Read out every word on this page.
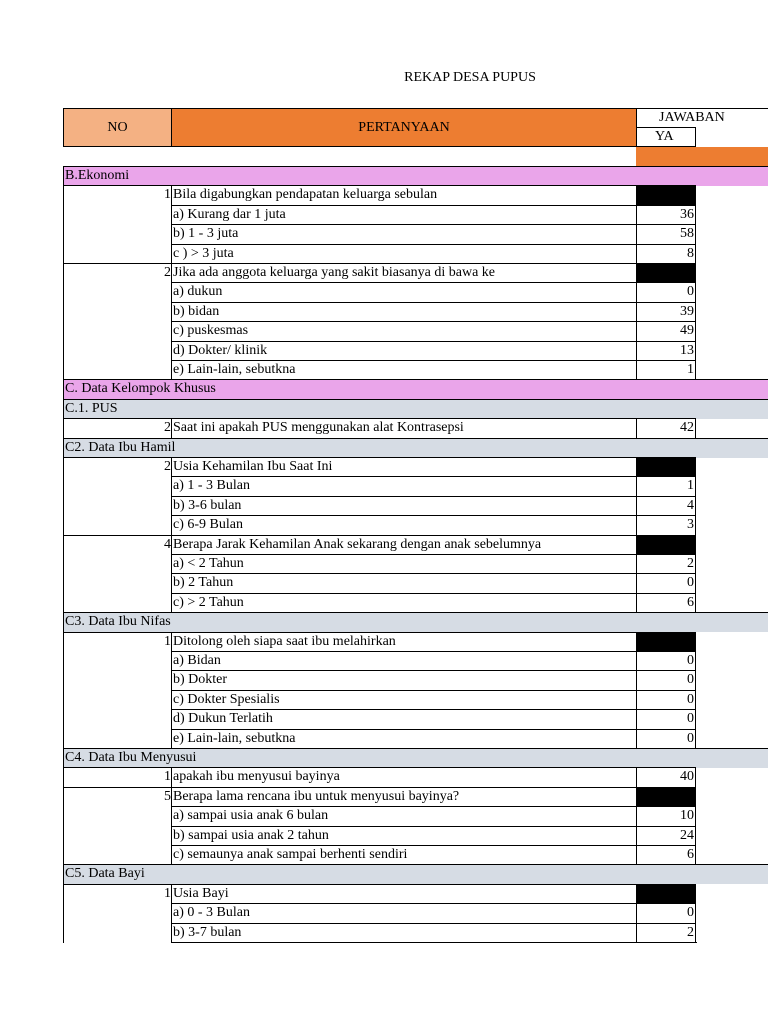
REKAP DESA PUPUS
NO	PERTANYAAN
JAWABAN
YA
B.Ekonomi
1 Bila digabungkan pendapatan keluarga sebulan
a) Kurang dar 1 juta	36
b) 1 - 3 juta	58
c ) > 3 juta	8
2 Jika ada anggota keluarga yang sakit biasanya di bawa ke
a) dukun	0
b) bidan	39
c) puskesmas	49
d) Dokter/ klinik	13
e) Lain-lain, sebutkna	1
C. Data Kelompok Khusus
C.1. PUS
2 Saat ini apakah PUS menggunakan alat Kontrasepsi	42
C2. Data Ibu Hamil
2 Usia Kehamilan Ibu Saat Ini
a) 1 - 3 Bulan	1
b) 3-6 bulan	4
c) 6-9 Bulan	3
4 Berapa Jarak Kehamilan Anak sekarang dengan anak sebelumnya
a) < 2 Tahun	2
b) 2 Tahun	0
c) > 2 Tahun	6
C3. Data Ibu Nifas
1 Ditolong oleh siapa saat ibu melahirkan
a) Bidan	0
b) Dokter	0
c) Dokter Spesialis	0
d) Dukun Terlatih	0
e) Lain-lain, sebutkna	0
C4. Data Ibu Menyusui
1 apakah ibu menyusui bayinya	40
5 Berapa lama rencana ibu untuk menyusui bayinya?
a) sampai usia anak 6 bulan	10
b) sampai usia anak 2 tahun	24
c) semaunya anak sampai berhenti sendiri	6
C5. Data Bayi
1 Usia Bayi
a) 0 - 3 Bulan	0
b) 3-7 bulan	2
